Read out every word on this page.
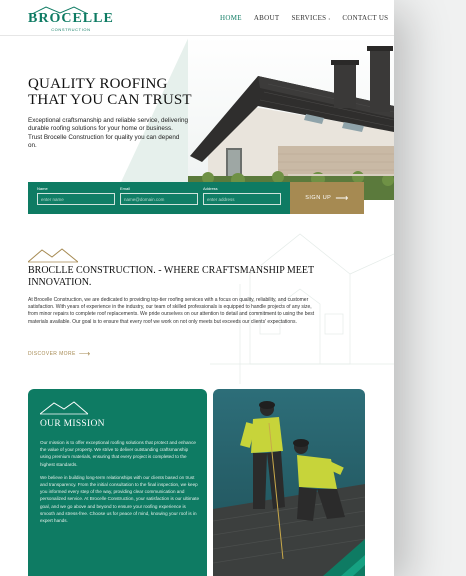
BROCELLE
CONSTRUCTION
HOME ABOUT SERVICES › CONTACT US
QUALITY ROOFING
THAT YOU CAN TRUST
Exceptional craftsmanship and reliable service, delivering durable roofing solutions for your home or business. Trust Brocelle Construction for quality you can depend on.
Name
enter name
Email
name@domain.com
Address
enter address	SIGN UP ⟶
BROCLLE CONSTRUCTION. - WHERE CRAFTSMANSHIP MEET INNOVATION.
At Brocelle Construction, we are dedicated to providing top-tier roofing services with a focus on quality, reliability, and customer satisfaction. With years of experience in the industry, our team of skilled professionals is equipped to handle projects of any size, from minor repairs to complete roof replacements. We pride ourselves on our attention to detail and commitment to using the best materials available. Our goal is to ensure that every roof we work on not only meets but exceeds our clients' expectations.
DISCOVER MORE ⟶
OUR MISSION

Our mission is to offer exceptional roofing solutions that protect and enhance the value of your property. We strive to deliver outstanding craftsmanship using premium materials, ensuring that every project is completed to the highest standards.

We believe in building long-term relationships with our clients based on trust and transparency. From the initial consultation to the final inspection, we keep you informed every step of the way, providing clear communication and personalized service. At Brocelle Construction, your satisfaction is our ultimate goal, and we go above and beyond to ensure your roofing experience is smooth and stress-free. Choose us for peace of mind, knowing your roof is in expert hands.
